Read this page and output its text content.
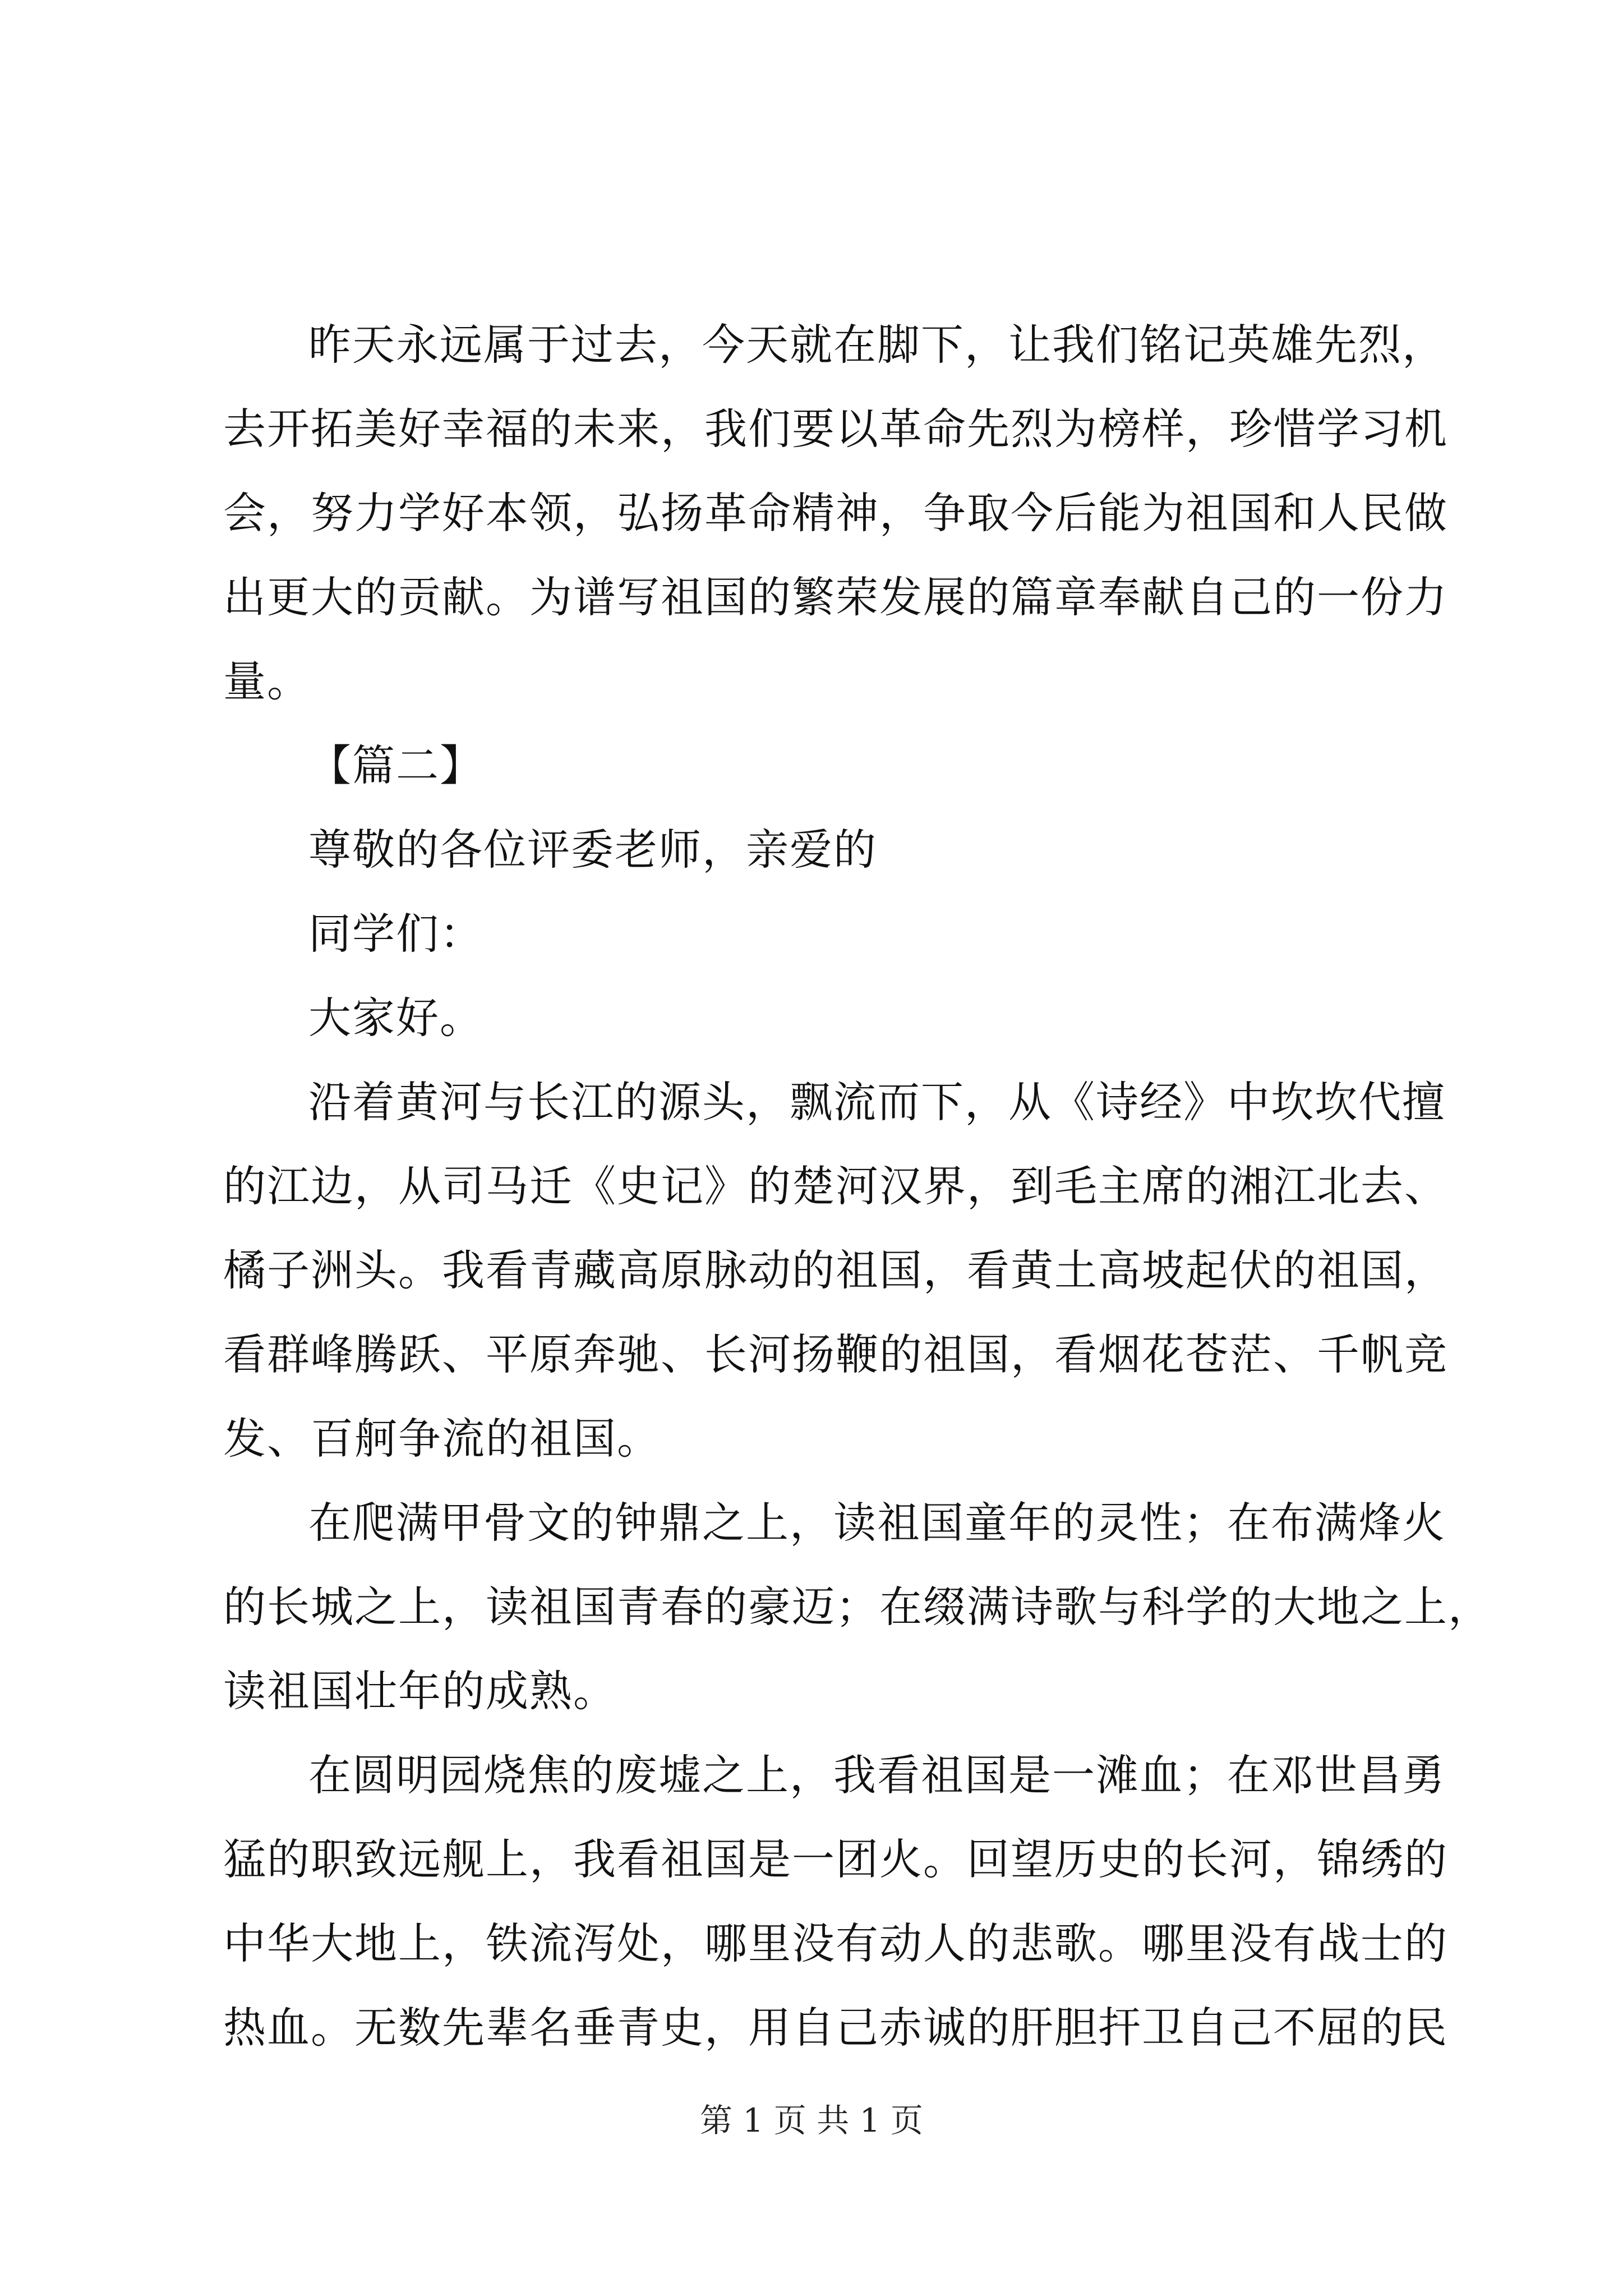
昨天永远属于过去，今天就在脚下，让我们铭记英雄先烈，
去开拓美好幸福的未来，我们要以革命先烈为榜样，珍惜学习机
会，努力学好本领，弘扬革命精神，争取今后能为祖国和人民做
出更大的贡献。为谱写祖国的繁荣发展的篇章奉献自己的一份力
量。
【篇二】
尊敬的各位评委老师，亲爱的
同学们：
大家好。
沿着黄河与长江的源头，飘流而下，从《诗经》中坎坎代擅
的江边，从司马迁《史记》的楚河汉界，到毛主席的湘江北去、
橘子洲头。我看青藏高原脉动的祖国，看黄土高坡起伏的祖国，
看群峰腾跃、平原奔驰、长河扬鞭的祖国，看烟花苍茫、千帆竞
发、百舸争流的祖国。
在爬满甲骨文的钟鼎之上，读祖国童年的灵性；在布满烽火
的长城之上，读祖国青春的豪迈；在缀满诗歌与科学的大地之上，
读祖国壮年的成熟。
在圆明园烧焦的废墟之上，我看祖国是一滩血；在邓世昌勇
猛的职致远舰上，我看祖国是一团火。回望历史的长河，锦绣的
中华大地上，铁流泻处，哪里没有动人的悲歌。哪里没有战士的
热血。无数先辈名垂青史，用自己赤诚的肝胆扞卫自己不屈的民
第 1 页 共 1 页
